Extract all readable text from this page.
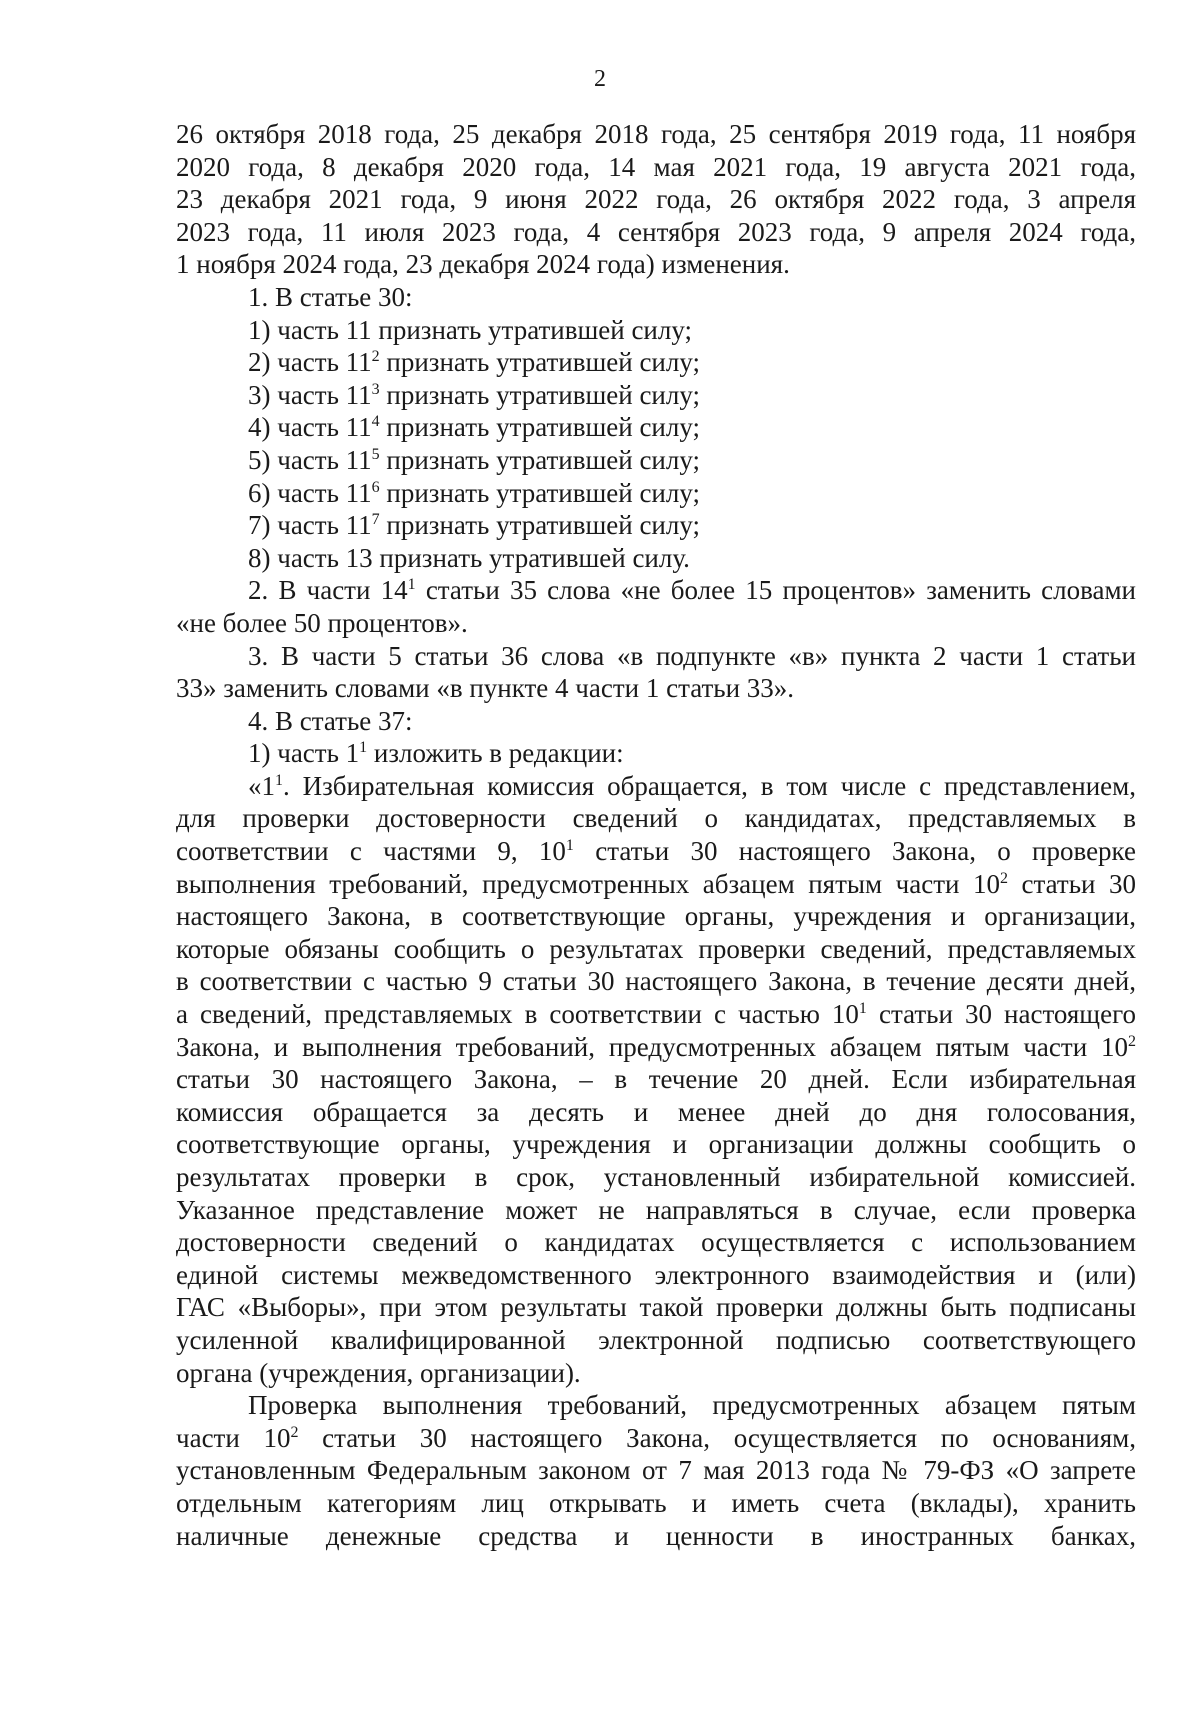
2

26 октября 2018 года, 25 декабря 2018 года, 25 сентября 2019 года, 11 ноября

2020 года, 8 декабря 2020 года, 14 мая 2021 года, 19 августа 2021 года,

23 декабря 2021 года, 9 июня 2022 года, 26 октября 2022 года, 3 апреля

2023 года, 11 июля 2023 года, 4 сентября 2023 года, 9 апреля 2024 года,

1 ноября 2024 года, 23 декабря 2024 года) изменения.

1. В статье 30:

1) часть 11 признать утратившей силу;

2) часть $11^2$ признать утратившей силу;

3) часть $11^3$ признать утратившей силу;

4) часть $11^4$ признать утратившей силу;

5) часть $11^5$ признать утратившей силу;

6) часть $11^6$ признать утратившей силу;

7) часть $11^7$ признать утратившей силу;

8) часть 13 признать утратившей силу.

2. В части $14^1$ статьи 35 слова «не более 15 процентов» заменить словами

«не более 50 процентов».

3. В части 5 статьи 36 слова «в подпункте «в» пункта 2 части 1 статьи

33» заменить словами «в пункте 4 части 1 статьи 33».

4. В статье 37:

1) часть $1^1$ изложить в редакции:

«$1^1$. Избирательная комиссия обращается, в том числе с представлением,

для проверки достоверности сведений о кандидатах, представляемых в

соответствии с частями 9, $10^1$ статьи 30 настоящего Закона, о проверке

выполнения требований, предусмотренных абзацем пятым части $10^2$ статьи 30

настоящего Закона, в соответствующие органы, учреждения и организации,

которые обязаны сообщить о результатах проверки сведений, представляемых

в соответствии с частью 9 статьи 30 настоящего Закона, в течение десяти дней,

а сведений, представляемых в соответствии с частью $10^1$ статьи 30 настоящего

Закона, и выполнения требований, предусмотренных абзацем пятым части $10^2$

статьи 30 настоящего Закона, – в течение 20 дней. Если избирательная

комиссия обращается за десять и менее дней до дня голосования,

соответствующие органы, учреждения и организации должны сообщить о

результатах проверки в срок, установленный избирательной комиссией.

Указанное представление может не направляться в случае, если проверка

достоверности сведений о кандидатах осуществляется с использованием

единой системы межведомственного электронного взаимодействия и (или)

ГАС «Выборы», при этом результаты такой проверки должны быть подписаны

усиленной квалифицированной электронной подписью соответствующего

органа (учреждения, организации).

Проверка выполнения требований, предусмотренных абзацем пятым

части $10^2$ статьи 30 настоящего Закона, осуществляется по основаниям,

установленным Федеральным законом от 7 мая 2013 года № 79-ФЗ «О запрете

отдельным категориям лиц открывать и иметь счета (вклады), хранить

наличные денежные средства и ценности в иностранных банках,
